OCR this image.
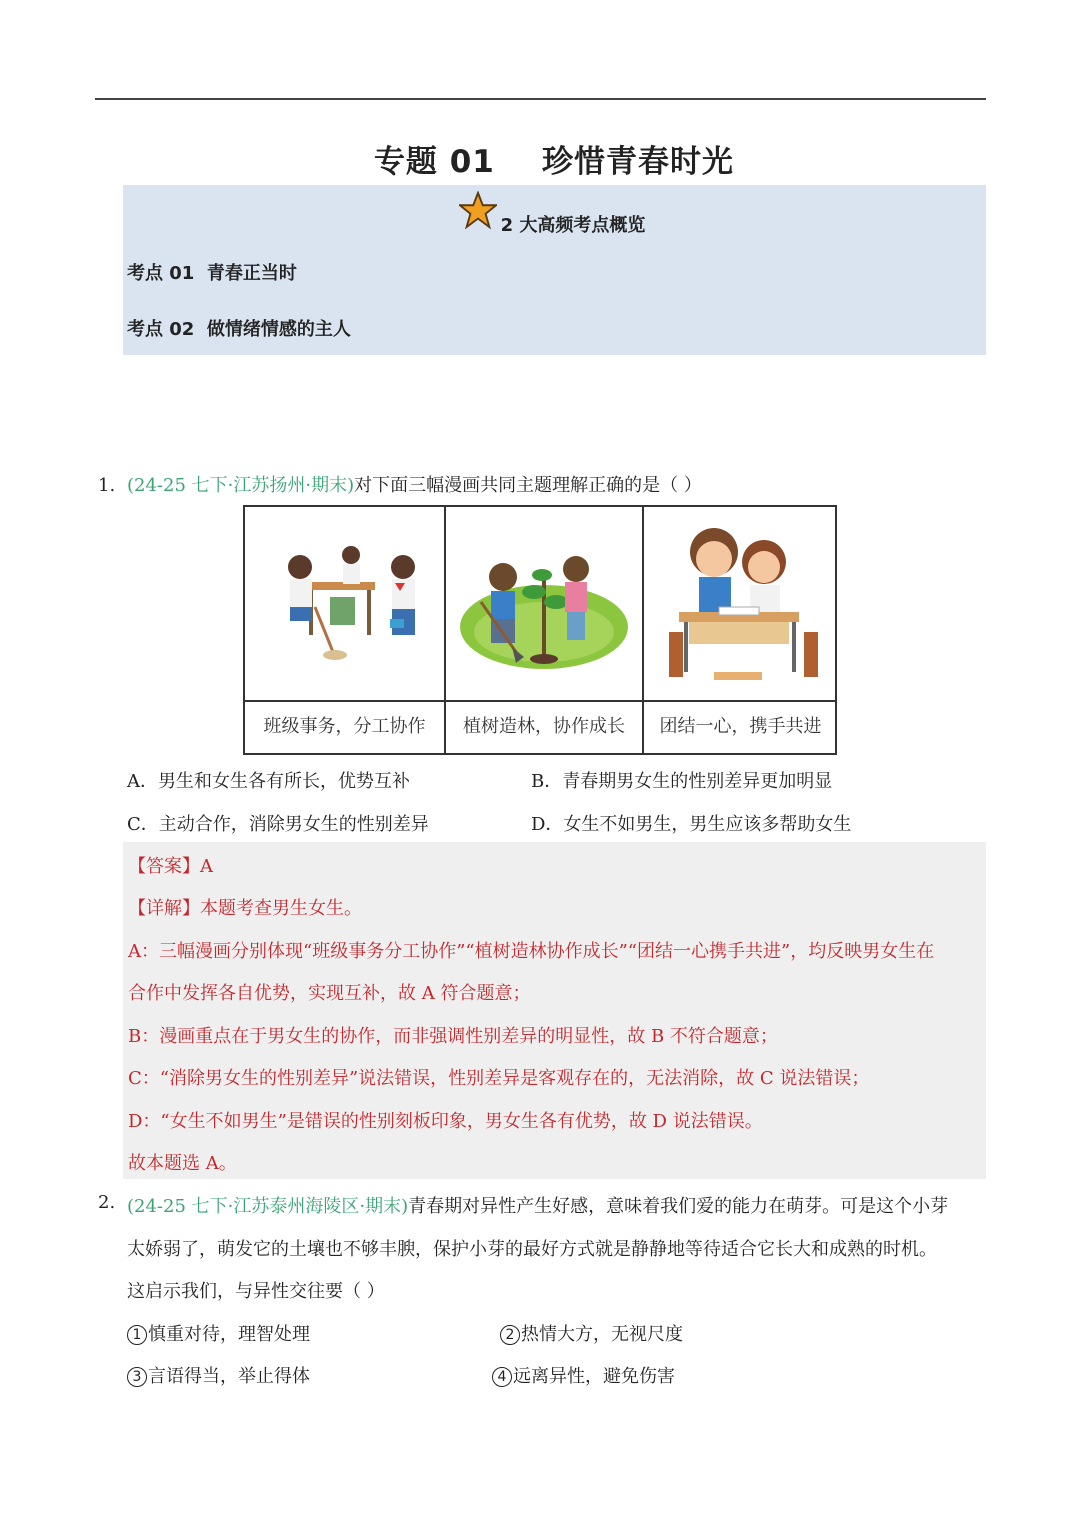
专题 01    珍惜青春时光
2 大高频考点概览
考点 01  青春正当时
考点 02  做情绪情感的主人
1. (24-25 七下·江苏扬州·期末)对下面三幅漫画共同主题理解正确的是（ ）
班级事务，分工协作	植树造林，协作成长	团结一心，携手共进
A．男生和女生各有所长，优势互补	B．青春期男女生的性别差异更加明显
C．主动合作，消除男女生的性别差异	D．女生不如男生，男生应该多帮助女生
【答案】A
【详解】本题考查男生女生。
A：三幅漫画分别体现“班级事务分工协作”“植树造林协作成长”“团结一心携手共进”，均反映男女生在
合作中发挥各自优势，实现互补，故 A 符合题意；
B：漫画重点在于男女生的协作，而非强调性别差异的明显性，故 B 不符合题意；
C：“消除男女生的性别差异”说法错误，性别差异是客观存在的，无法消除，故 C 说法错误；
D：“女生不如男生”是错误的性别刻板印象，男女生各有优势，故 D 说法错误。
故本题选 A。
2. (24-25 七下·江苏泰州海陵区·期末)青春期对异性产生好感，意味着我们爱的能力在萌芽。可是这个小芽
太娇弱了，萌发它的土壤也不够丰腴，保护小芽的最好方式就是静静地等待适合它长大和成熟的时机。
这启示我们，与异性交往要（ ）
1 慎重对待，理智处理	2 热情大方，无视尺度
3 言语得当，举止得体	4 远离异性，避免伤害
